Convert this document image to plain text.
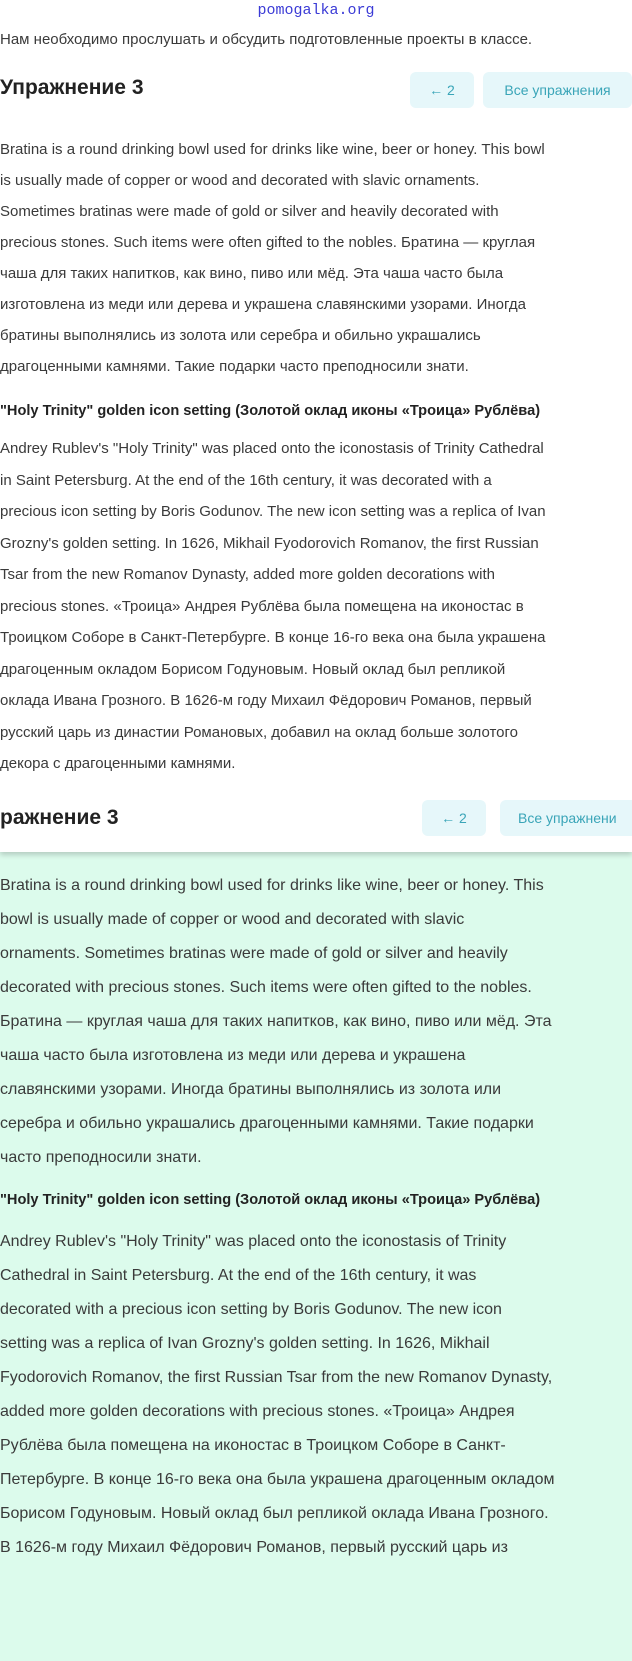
pomogalka.org
Нам необходимо прослушать и обсудить подготовленные проекты в классе.
Упражнение 3	← 2	Все упражнения
Bratina is a round drinking bowl used for drinks like wine, beer or honey. This bowl
is usually made of copper or wood and decorated with slavic ornaments.
Sometimes bratinas were made of gold or silver and heavily decorated with
precious stones. Such items were often gifted to the nobles. Братина — круглая
чаша для таких напитков, как вино, пиво или мёд. Эта чаша часто была
изготовлена из меди или дерева и украшена славянскими узорами. Иногда
братины выполнялись из золота или серебра и обильно украшались
драгоценными камнями. Такие подарки часто преподносили знати.
"Holy Trinity" golden icon setting (Золотой оклад иконы «Троица» Рублёва)
Andrey Rublev's "Holy Trinity" was placed onto the iconostasis of Trinity Cathedral
in Saint Petersburg. At the end of the 16th century, it was decorated with a
precious icon setting by Boris Godunov. The new icon setting was a replica of Ivan
Grozny's golden setting. In 1626, Mikhail Fyodorovich Romanov, the first Russian
Tsar from the new Romanov Dynasty, added more golden decorations with
precious stones. «Троица» Андрея Рублёва была помещена на иконостас в
Троицком Соборе в Санкт-Петербурге. В конце 16-го века она была украшена
драгоценным окладом Борисом Годуновым. Новый оклад был репликой
оклада Ивана Грозного. В 1626-м году Михаил Фёдорович Романов, первый
русский царь из династии Романовых, добавил на оклад больше золотого
декора с драгоценными камнями.
ражнение 3	← 2	Все упражнени
Bratina is a round drinking bowl used for drinks like wine, beer or honey. This
bowl is usually made of copper or wood and decorated with slavic
ornaments. Sometimes bratinas were made of gold or silver and heavily
decorated with precious stones. Such items were often gifted to the nobles.
Братина — круглая чаша для таких напитков, как вино, пиво или мёд. Эта
чаша часто была изготовлена из меди или дерева и украшена
славянскими узорами. Иногда братины выполнялись из золота или
серебра и обильно украшались драгоценными камнями. Такие подарки
часто преподносили знати.
"Holy Trinity" golden icon setting (Золотой оклад иконы «Троица» Рублёва)
Andrey Rublev's "Holy Trinity" was placed onto the iconostasis of Trinity
Cathedral in Saint Petersburg. At the end of the 16th century, it was
decorated with a precious icon setting by Boris Godunov. The new icon
setting was a replica of Ivan Grozny's golden setting. In 1626, Mikhail
Fyodorovich Romanov, the first Russian Tsar from the new Romanov Dynasty,
added more golden decorations with precious stones. «Троица» Андрея
Рублёва была помещена на иконостас в Троицком Соборе в Санкт-
Петербурге. В конце 16-го века она была украшена драгоценным окладом
Борисом Годуновым. Новый оклад был репликой оклада Ивана Грозного.
В 1626-м году Михаил Фёдорович Романов, первый русский царь из
